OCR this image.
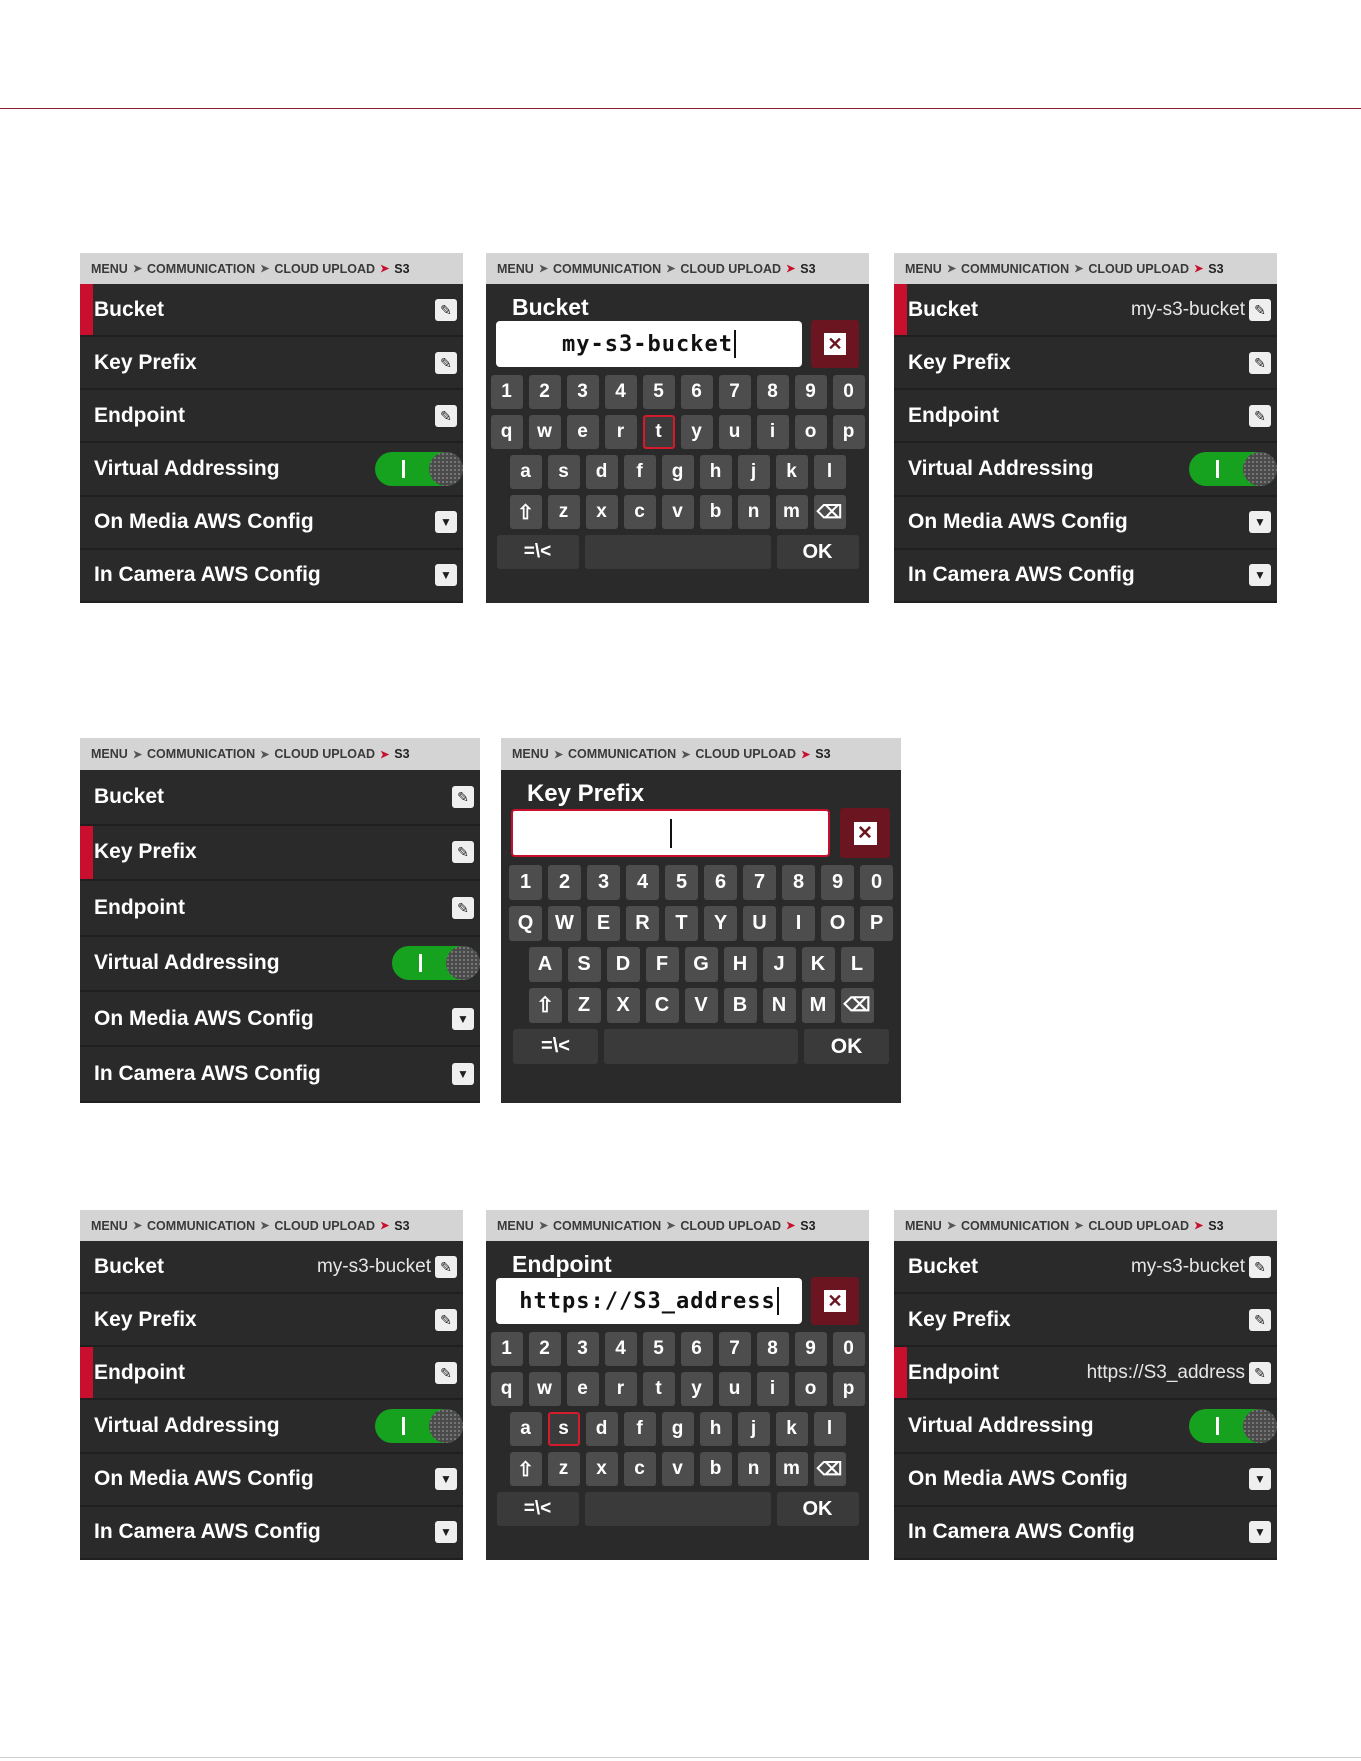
MENU ➤ COMMUNICATION ➤ CLOUD UPLOAD ➤ S3
Bucket	✎
Key Prefix	✎
Endpoint	✎
Virtual Addressing
On Media AWS Config	▼
In Camera AWS Config	▼
MENU ➤ COMMUNICATION ➤ CLOUD UPLOAD ➤ S3
Bucket
my-s3-bucket	✕
1	2	3	4	5	6	7	8	9	0
q	w	e	r	t	y	u	i	o	p
a	s	d	f	g	h	j	k	l
⇧	z	x	c	v	b	n	m ⌫
=\<	OK
MENU ➤ COMMUNICATION ➤ CLOUD UPLOAD ➤ S3
Bucket	my-s3-bucket ✎
Key Prefix	✎
Endpoint	✎
Virtual Addressing
On Media AWS Config	▼
In Camera AWS Config	▼
MENU ➤ COMMUNICATION ➤ CLOUD UPLOAD ➤ S3
Bucket	✎
Key Prefix	✎
Endpoint	✎
Virtual Addressing
On Media AWS Config	▼
In Camera AWS Config	▼
MENU ➤ COMMUNICATION ➤ CLOUD UPLOAD ➤ S3
Key Prefix
✕
1	2	3	4	5	6	7	8	9	0
Q	W	E	R	T	Y	U	I	O	P
A	S	D	F	G	H	J	K	L
⇧	Z	X	C	V	B	N	M ⌫
=\<	OK
MENU ➤ COMMUNICATION ➤ CLOUD UPLOAD ➤ S3
Bucket	my-s3-bucket ✎
Key Prefix	✎
Endpoint	✎
Virtual Addressing
On Media AWS Config	▼
In Camera AWS Config	▼
MENU ➤ COMMUNICATION ➤ CLOUD UPLOAD ➤ S3
Endpoint
https://S3_address	✕
1	2	3	4	5	6	7	8	9	0
q	w	e	r	t	y	u	i	o	p
a	s	d	f	g	h	j	k	l
⇧	z	x	c	v	b	n	m ⌫
=\<	OK
MENU ➤ COMMUNICATION ➤ CLOUD UPLOAD ➤ S3
Bucket	my-s3-bucket ✎
Key Prefix	✎
Endpoint	https://S3_address ✎
Virtual Addressing
On Media AWS Config	▼
In Camera AWS Config	▼
